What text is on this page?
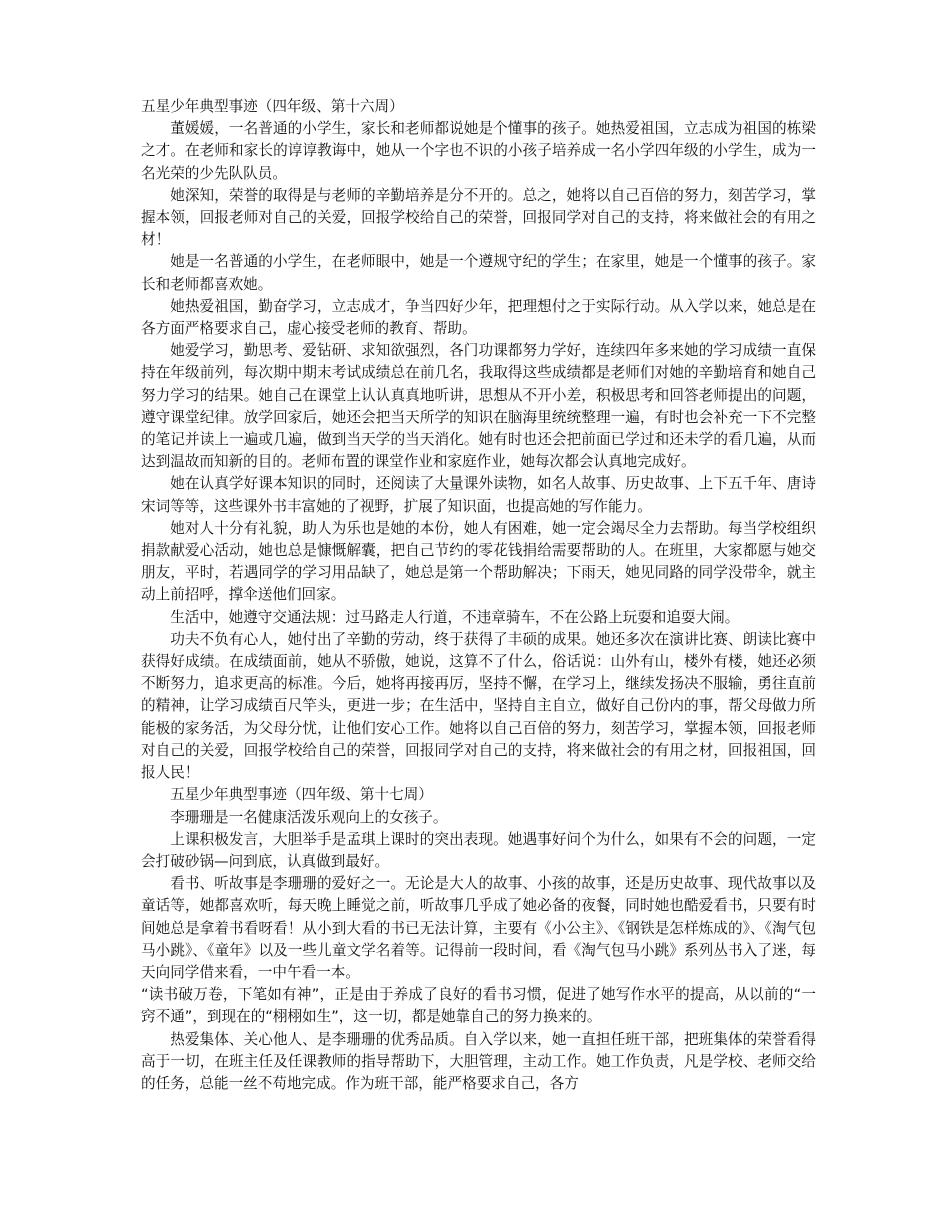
五星少年典型事迹（四年级、第十六周）

董媛媛，一名普通的小学生，家长和老师都说她是个懂事的孩子。她热爱祖国，立志成为祖国的栋梁之才。在老师和家长的谆谆教诲中，她从一个字也不识的小孩子培养成一名小学四年级的小学生，成为一名光荣的少先队队员。

她深知，荣誉的取得是与老师的辛勤培养是分不开的。总之，她将以自己百倍的努力，刻苦学习，掌握本领，回报老师对自己的关爱，回报学校给自己的荣誉，回报同学对自己的支持，将来做社会的有用之材！

她是一名普通的小学生，在老师眼中，她是一个遵规守纪的学生；在家里，她是一个懂事的孩子。家长和老师都喜欢她。

她热爱祖国，勤奋学习，立志成才，争当四好少年，把理想付之于实际行动。从入学以来，她总是在各方面严格要求自己，虚心接受老师的教育、帮助。

她爱学习，勤思考、爱钻研、求知欲强烈，各门功课都努力学好，连续四年多来她的学习成绩一直保持在年级前列，每次期中期末考试成绩总在前几名，我取得这些成绩都是老师们对她的辛勤培育和她自己努力学习的结果。她自己在课堂上认认真真地听讲，思想从不开小差，积极思考和回答老师提出的问题，遵守课堂纪律。放学回家后，她还会把当天所学的知识在脑海里统统整理一遍，有时也会补充一下不完整的笔记并读上一遍或几遍，做到当天学的当天消化。她有时也还会把前面已学过和还未学的看几遍，从而达到温故而知新的目的。老师布置的课堂作业和家庭作业，她每次都会认真地完成好。

她在认真学好课本知识的同时，还阅读了大量课外读物，如名人故事、历史故事、上下五千年、唐诗宋词等等，这些课外书丰富她的了视野，扩展了知识面，也提高她的写作能力。

她对人十分有礼貌，助人为乐也是她的本份，她人有困难，她一定会竭尽全力去帮助。每当学校组织捐款献爱心活动，她也总是慷慨解囊，把自己节约的零花钱捐给需要帮助的人。在班里，大家都愿与她交朋友，平时，若遇同学的学习用品缺了，她总是第一个帮助解决；下雨天，她见同路的同学没带伞，就主动上前招呼，撑伞送他们回家。

生活中，她遵守交通法规：过马路走人行道，不违章骑车，不在公路上玩耍和追耍大闹。

功夫不负有心人，她付出了辛勤的劳动，终于获得了丰硕的成果。她还多次在演讲比赛、朗读比赛中获得好成绩。在成绩面前，她从不骄傲，她说，这算不了什么，俗话说：山外有山，楼外有楼，她还必须不断努力，追求更高的标准。今后，她将再接再厉，坚持不懈，在学习上，继续发扬决不服输，勇往直前的精神，让学习成绩百尺竿头，更进一步；在生活中，坚持自主自立，做好自己份内的事，帮父母做力所能极的家务活，为父母分忧，让他们安心工作。她将以自己百倍的努力，刻苦学习，掌握本领，回报老师对自己的关爱，回报学校给自己的荣誉，回报同学对自己的支持，将来做社会的有用之材，回报祖国，回报人民！

五星少年典型事迹（四年级、第十七周）

李珊珊是一名健康活泼乐观向上的女孩子。

上课积极发言，大胆举手是孟琪上课时的突出表现。她遇事好问个为什么，如果有不会的问题，一定会打破砂锅—问到底，认真做到最好。

看书、听故事是李珊珊的爱好之一。无论是大人的故事、小孩的故事，还是历史故事、现代故事以及童话等，她都喜欢听，每天晚上睡觉之前，听故事几乎成了她必备的夜餐，同时她也酷爱看书，只要有时间她总是拿着书看呀看！从小到大看的书已无法计算，主要有《小公主》、《钢铁是怎样炼成的》、《淘气包马小跳》、《童年》以及一些儿童文学名着等。记得前一段时间，看《淘气包马小跳》系列丛书入了迷，每天向同学借来看，一中午看一本。

“读书破万卷，下笔如有神”，正是由于养成了良好的看书习惯，促进了她写作水平的提高，从以前的“一窍不通”，到现在的“栩栩如生”，这一切，都是她靠自己的努力换来的。

热爱集体、关心他人、是李珊珊的优秀品质。自入学以来，她一直担任班干部，把班集体的荣誉看得高于一切，在班主任及任课教师的指导帮助下，大胆管理，主动工作。她工作负责，凡是学校、老师交给的任务，总能一丝不苟地完成。作为班干部，能严格要求自己，各方
